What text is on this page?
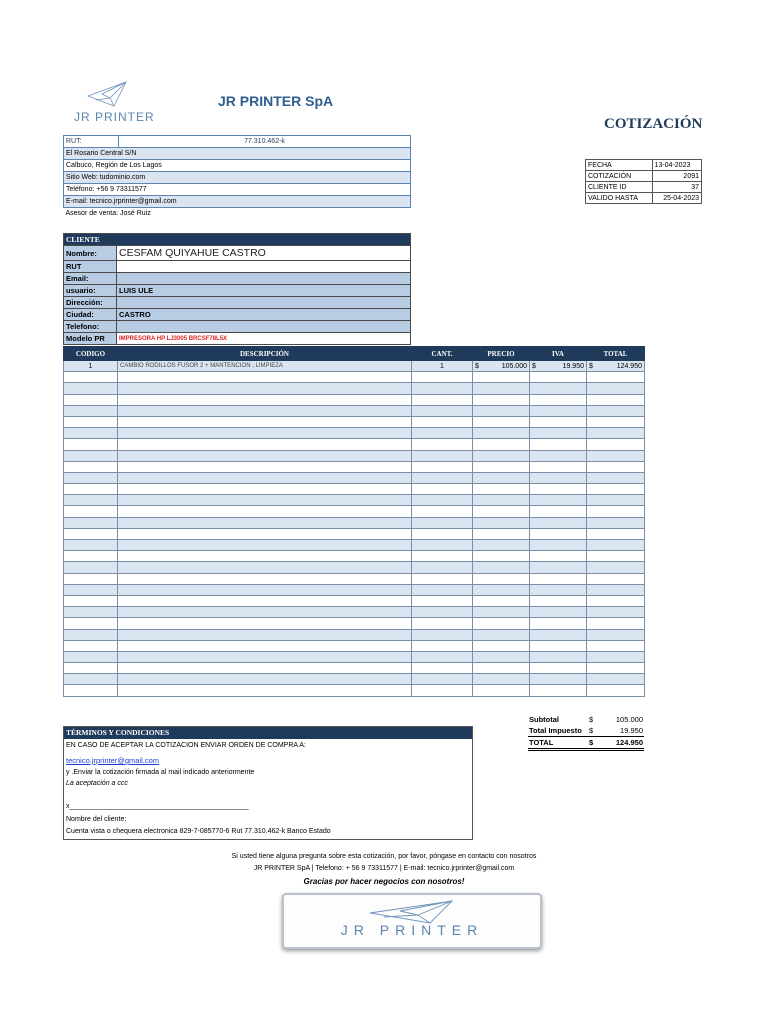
JR PRINTER
JR PRINTER SpA
COTIZACIÓN
RUT:	77.310.462-k
El Rosario Central S/N
Calbuco, Región de Los Lagos
Sitio Web: tudominio.com
Teléfono: +56 9 73311577
E-mail: tecnico.jrprinter@gmail.com
Asesor de venta: José Ruiz
FECHA	13-04-2023
COTIZACIÓN	2091
CLIENTE ID	37
VALIDO HASTA	25-04-2023
CLIENTE	
Nombre:	CESFAM QUIYAHUE CASTRO
RUT	
Email:	
usuario:	LUIS ULE
Dirección:	
Ciudad:	CASTRO
Telefono:	
Modelo PR	IMPRESORA HP LJ3005 BRCSF78L5X
CODIGO	DESCRIPCIÓN	CANT.	PRECIO	IVA	TOTAL
1	CAMBIO RODILLOS FUSOR 2 + MANTENCION , LIMPIEZA	1	$ 105.000	$ 19.950	$ 124.950

Subtotal	$	105.000
Total Impuesto	$	19.950
TOTAL	$	124.950
TÉRMINOS Y CONDICIONES
EN CASO DE ACEPTAR LA COTIZACION ENVIAR ORDEN DE COMPRA A:
tecnico.jrprinter@gmail.com
y .Enviar la cotización firmada al mail indicado anteriormente
La aceptación a ccc
x______________________________________________
Nombre del cliente:
Cuenta vista o chequera electronica 829-7-085770-6 Rut 77.310.462-k Banco Estado
Si usted tiene alguna pregunta sobre esta cotización, por favor, póngase en contacto con nosotros
JR PRINTER SpA | Telefono: + 56 9 73311577 | E-mail: tecnico.jrprinter@gmail.com
Gracias por hacer negocios con nosotros!
JR PRINTER
